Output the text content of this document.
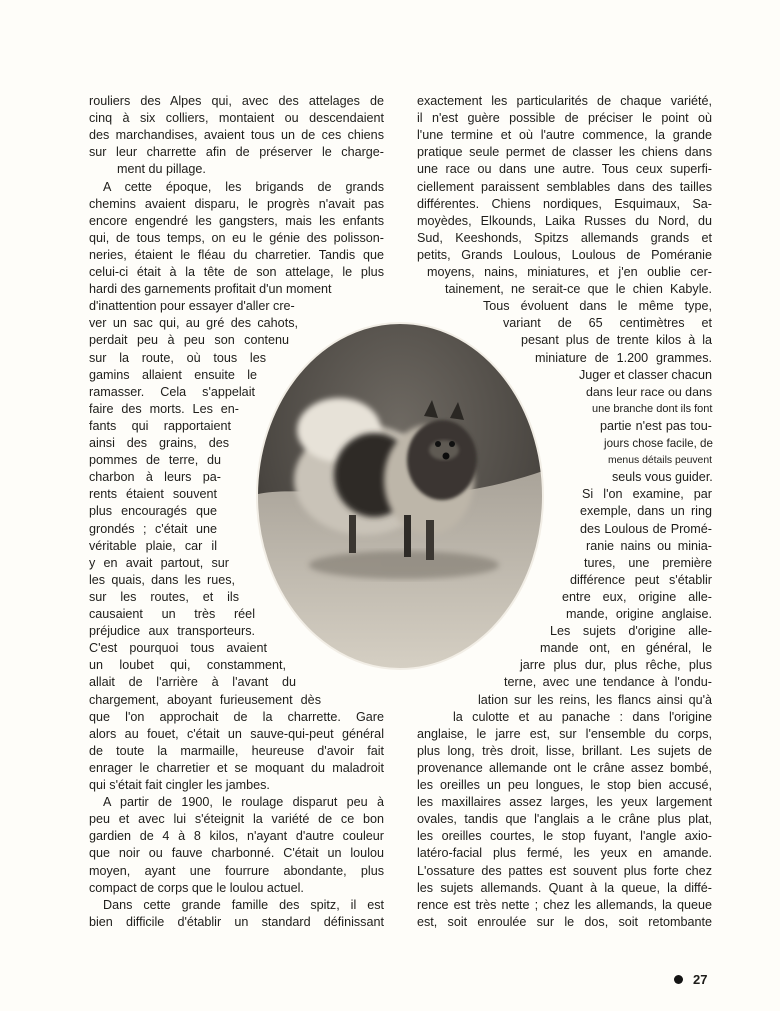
rouliers des Alpes qui, avec des attelages de
cinq à six colliers, montaient ou descendaient
des marchandises, avaient tous un de ces chiens
sur leur charrette afin de préserver le charge-
ment du pillage.
A cette époque, les brigands de grands
chemins avaient disparu, le progrès n'avait pas
encore engendré les gangsters, mais les enfants
qui, de tous temps, on eu le génie des polisson-
neries, étaient le fléau du charretier. Tandis que
celui-ci était à la tête de son attelage, le plus
hardi des garnements profitait d'un moment
d'inattention pour essayer d'aller cre-
ver un sac qui, au gré des cahots,
perdait peu à peu son contenu
sur la route, où tous les
gamins allaient ensuite le
ramasser. Cela s'appelait
faire des morts. Les en-
fants qui rapportaient
ainsi des grains, des
pommes de terre, du
charbon à leurs pa-
rents étaient souvent
plus encouragés que
grondés ; c'était une
véritable plaie, car il
y en avait partout, sur
les quais, dans les rues,
sur les routes, et ils
causaient un très réel
préjudice aux transporteurs.
C'est pourquoi tous avaient
un loubet qui, constamment,
allait de l'arrière à l'avant du
chargement, aboyant furieusement dès
que l'on approchait de la charrette. Gare
alors au fouet, c'était un sauve-qui-peut général
de toute la marmaille, heureuse d'avoir fait
enrager le charretier et se moquant du maladroit
qui s'était fait cingler les jambes.
A partir de 1900, le roulage disparut peu à
peu et avec lui s'éteignit la variété de ce bon
gardien de 4 à 8 kilos, n'ayant d'autre couleur
que noir ou fauve charbonné. C'était un loulou
moyen, ayant une fourrure abondante, plus
compact de corps que le loulou actuel.
Dans cette grande famille des spitz, il est
bien difficile d'établir un standard définissant
exactement les particularités de chaque variété,
il n'est guère possible de préciser le point où
l'une termine et où l'autre commence, la grande
pratique seule permet de classer les chiens dans
une race ou dans une autre. Tous ceux superfi-
ciellement paraissent semblables dans des tailles
différentes. Chiens nordiques, Esquimaux, Sa-
moyèdes, Elkounds, Laika Russes du Nord, du
Sud, Keeshonds, Spitzs allemands grands et
petits, Grands Loulous, Loulous de Poméranie
moyens, nains, miniatures, et j'en oublie cer-
tainement, ne serait-ce que le chien Kabyle.
Tous évoluent dans le même type,
variant de 65 centimètres et
pesant plus de trente kilos à la
miniature de 1.200 grammes.
Juger et classer chacun
dans leur race ou dans
une branche dont ils font
partie n'est pas tou-
jours chose facile, de
menus détails peuvent
seuls vous guider.
Si l'on examine, par
exemple, dans un ring
des Loulous de Promé-
ranie nains ou minia-
tures, une première
différence peut s'établir
entre eux, origine alle-
mande, origine anglaise.
Les sujets d'origine alle-
mande ont, en général, le
jarre plus dur, plus rêche, plus
terne, avec une tendance à l'ondu-
lation sur les reins, les flancs ainsi qu'à
la culotte et au panache : dans l'origine
anglaise, le jarre est, sur l'ensemble du corps,
plus long, très droit, lisse, brillant. Les sujets de
provenance allemande ont le crâne assez bombé,
les oreilles un peu longues, le stop bien accusé,
les maxillaires assez larges, les yeux largement
ovales, tandis que l'anglais a le crâne plus plat,
les oreilles courtes, le stop fuyant, l'angle axio-
latéro-facial plus fermé, les yeux en amande.
L'ossature des pattes est souvent plus forte chez
les sujets allemands. Quant à la queue, la diffé-
rence est très nette ; chez les allemands, la queue
est, soit enroulée sur le dos, soit retombante
27
